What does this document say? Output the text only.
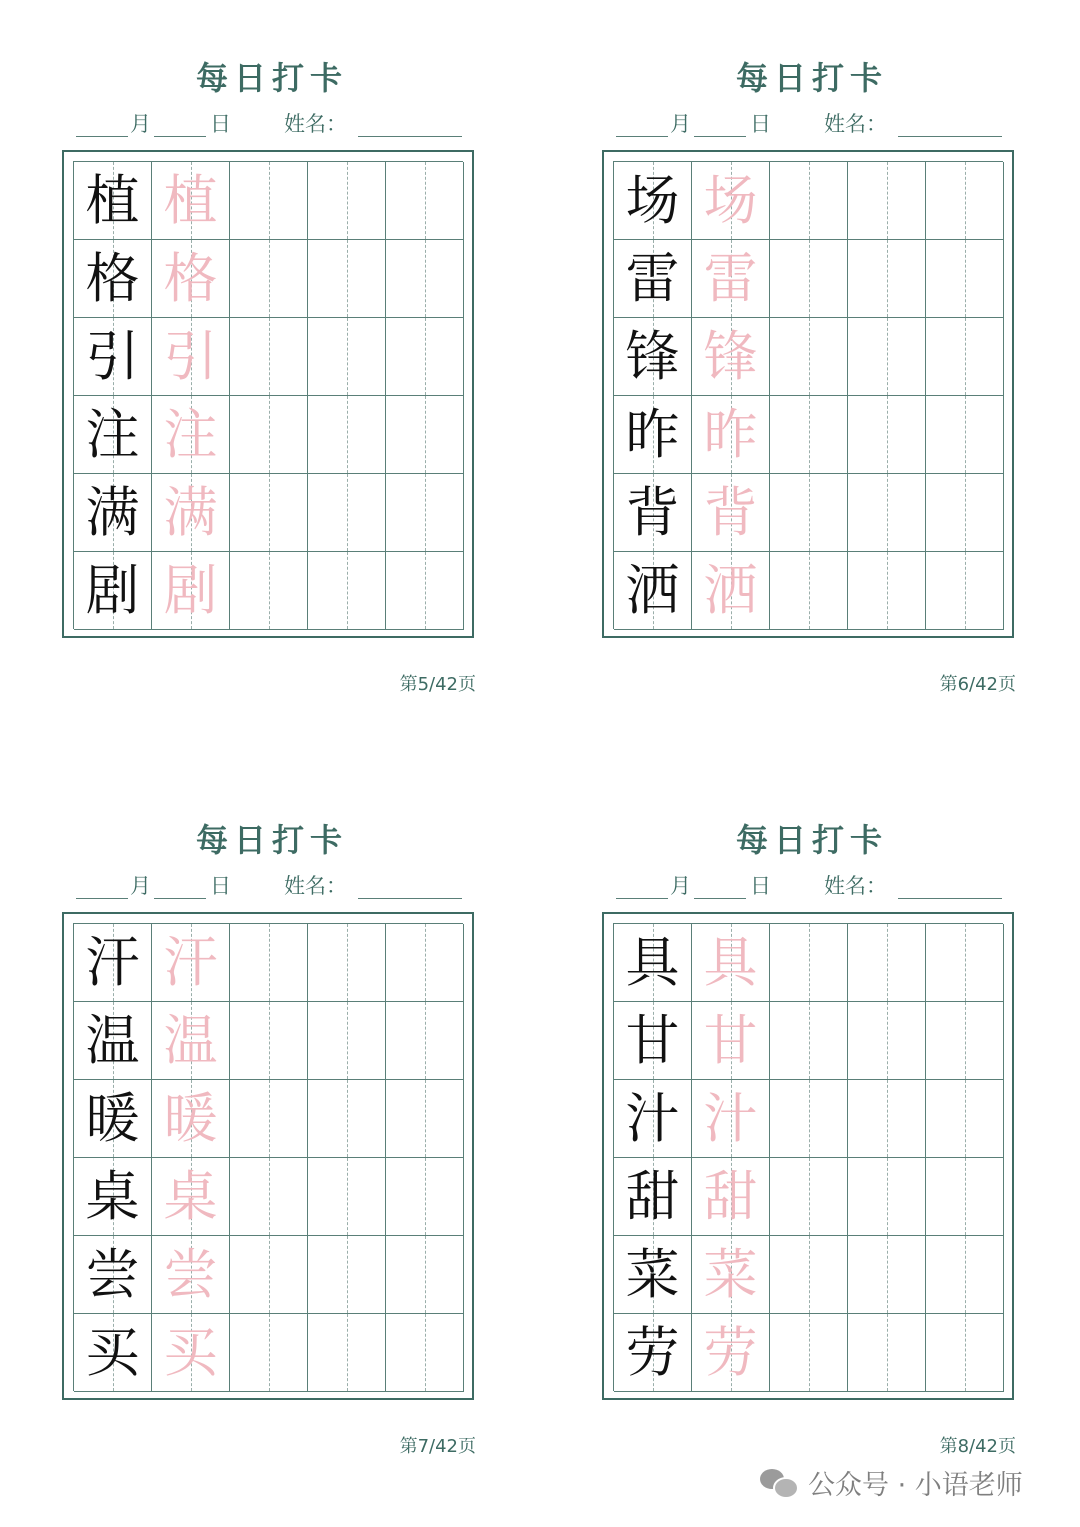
每日打卡
月	日	姓名：
植 植
格 格
引 引
注 注
满 满
剧 剧
第5/42页
每日打卡
月	日	姓名：
场 场
雷 雷
锋 锋
昨 昨
背 背
洒 洒
第6/42页
每日打卡
月	日	姓名：
汗 汗
温 温
暖 暖
桌 桌
尝 尝
买 买
第7/42页
每日打卡
月	日	姓名：
具 具
甘 甘
汁 汁
甜 甜
菜 菜
劳 劳
第8/42页
公众号 · 小语老师
